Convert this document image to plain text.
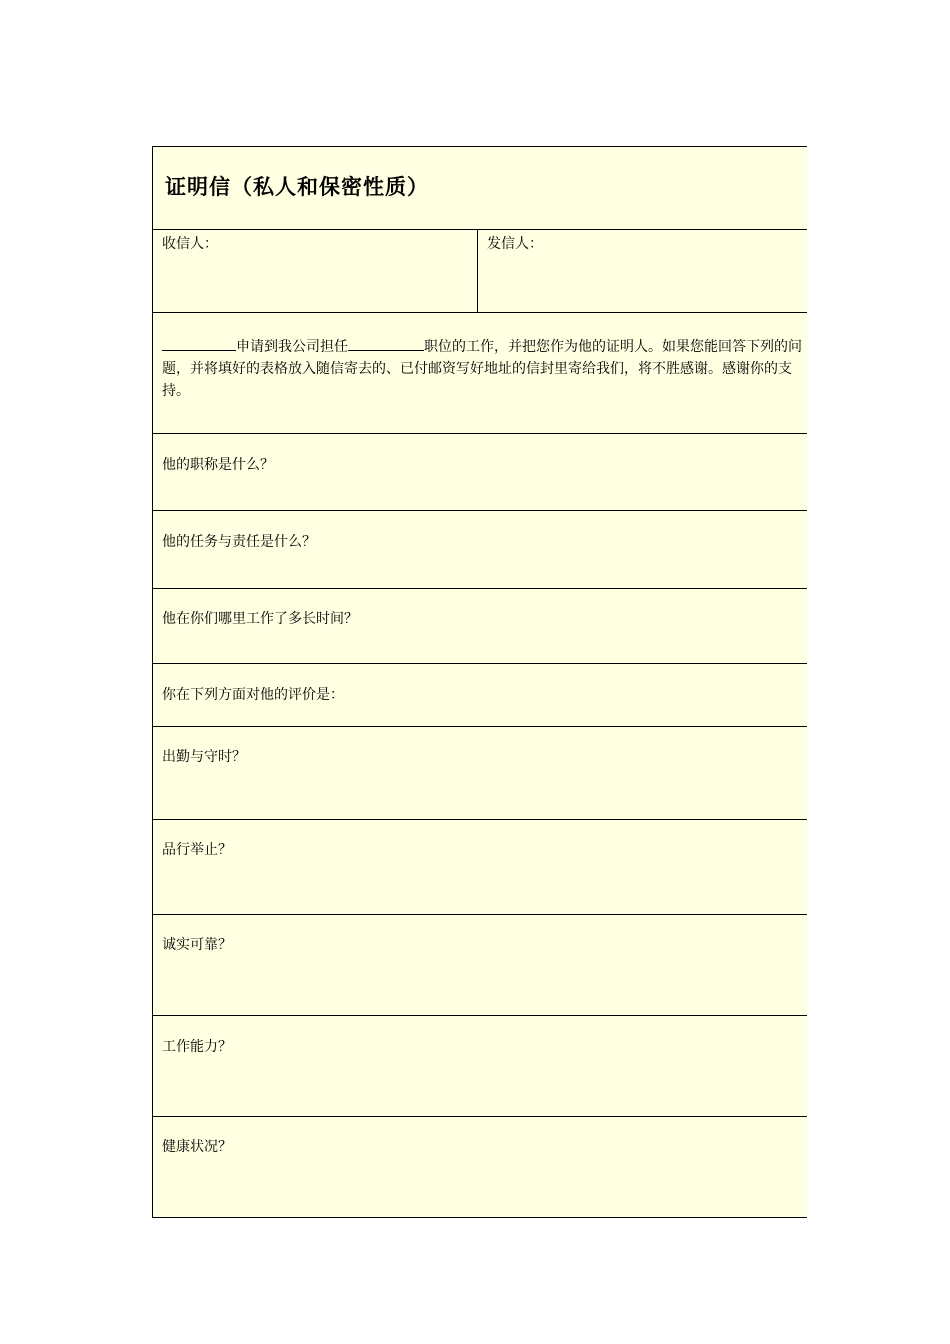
证明信（私人和保密性质）
收信人：	发信人：
申请到我公司担任	职位的工作，并把您作为他的证明人。如果您能回答下列的问题，并将填好的表格放入随信寄去的、已付邮资写好地址的信封里寄给我们，将不胜感谢。感谢你的支持。
他的职称是什么？
他的任务与责任是什么？
他在你们哪里工作了多长时间？
你在下列方面对他的评价是：
出勤与守时？
品行举止？
诚实可靠？
工作能力？
健康状况？
